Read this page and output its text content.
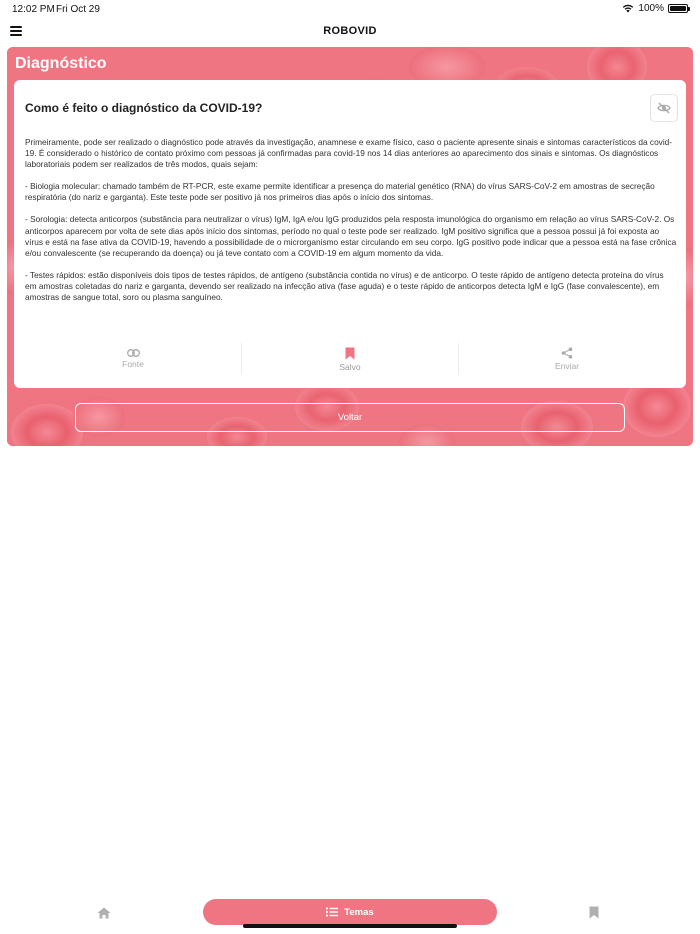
12:02 PM Fri Oct 29	100%
ROBOVID
Diagnóstico
Como é feito o diagnóstico da COVID-19?

Primeiramente, pode ser realizado o diagnóstico pode através da investigação, anamnese e exame físico, caso o paciente apresente sinais e sintomas característicos da covid-19. É considerado o histórico de contato próximo com pessoas já confirmadas para covid-19 nos 14 dias anteriores ao aparecimento dos sinais e sintomas. Os diagnósticos laboratoriais podem ser realizados de três modos, quais sejam:

- Biologia molecular: chamado também de RT-PCR, este exame permite identificar a presença do material genético (RNA) do vírus SARS-CoV-2 em amostras de secreção respiratória (do nariz e garganta). Este teste pode ser positivo já nos primeiros dias após o início dos sintomas.

- Sorologia: detecta anticorpos (substância para neutralizar o vírus) IgM, IgA e/ou IgG produzidos pela resposta imunológica do organismo em relação ao vírus SARS-CoV-2. Os anticorpos aparecem por volta de sete dias após início dos sintomas, período no qual o teste pode ser realizado. IgM positivo significa que a pessoa possui já foi exposta ao vírus e está na fase ativa da COVID-19, havendo a possibilidade de o microrganismo estar circulando em seu corpo. IgG positivo pode indicar que a pessoa está na fase crônica e/ou convalescente (se recuperando da doença) ou já teve contato com a COVID-19 em algum momento da vida.

- Testes rápidos: estão disponíveis dois tipos de testes rápidos, de antígeno (substância contida no vírus) e de anticorpo. O teste rápido de antígeno detecta proteína do vírus em amostras coletadas do nariz e garganta, devendo ser realizado na infecção ativa (fase aguda) e o teste rápido de anticorpos detecta IgM e IgG (fase convalescente), em amostras de sangue total, soro ou plasma sanguíneo.

Fonte	Salvo	Enviar
Voltar
Temas
